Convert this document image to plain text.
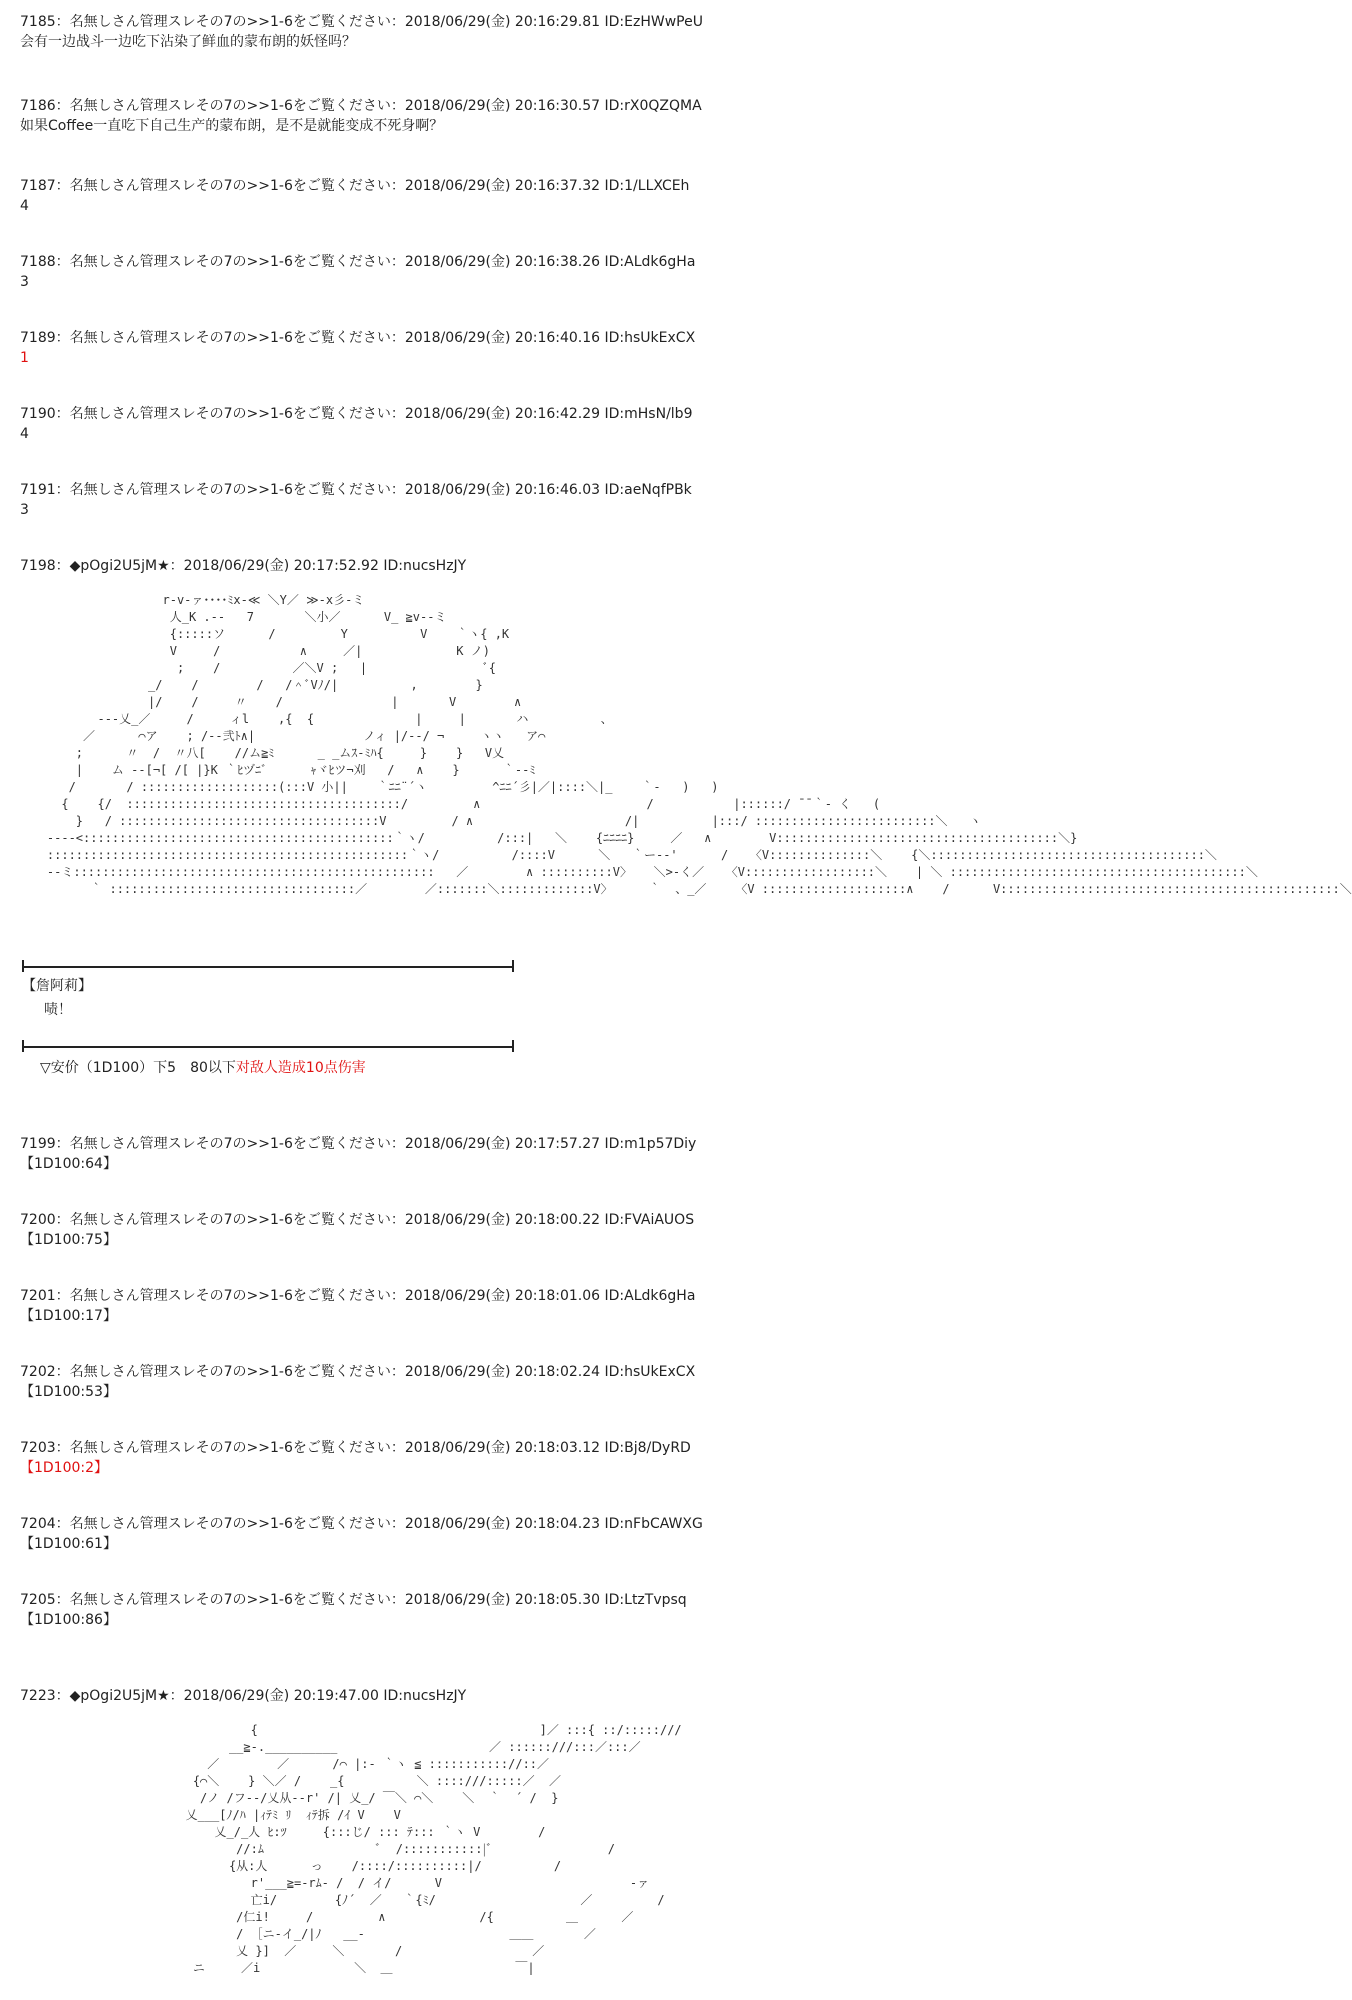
7185：名無しさん管理スレその7の>>1-6をご覧ください：2018/06/29(金) 20:16:29.81 ID:EzHWwPeU
会有一边战斗一边吃下沾染了鲜血的蒙布朗的妖怪吗？
7186：名無しさん管理スレその7の>>1-6をご覧ください：2018/06/29(金) 20:16:30.57 ID:rX0QZQMA
如果Coffee一直吃下自己生产的蒙布朗，是不是就能变成不死身啊？
7187：名無しさん管理スレその7の>>1-6をご覧ください：2018/06/29(金) 20:16:37.32 ID:1/LLXCEh
4
7188：名無しさん管理スレその7の>>1-6をご覧ください：2018/06/29(金) 20:16:38.26 ID:ALdk6gHa
3
7189：名無しさん管理スレその7の>>1-6をご覧ください：2018/06/29(金) 20:16:40.16 ID:hsUkExCX
1
7190：名無しさん管理スレその7の>>1-6をご覧ください：2018/06/29(金) 20:16:42.29 ID:mHsN/lb9
4
7191：名無しさん管理スレその7の>>1-6をご覧ください：2018/06/29(金) 20:16:46.03 ID:aeNqfPBk
3
7198：◆pOgi2U5jM★：2018/06/29(金) 20:17:52.92 ID:nucsHzJY
r‐v‐ァ････ﾐx-≪ ＼Y／ ≫-x彡-ミ
人_K .--   7       ＼小／      V_ ≧v--ミ
{:::::ソ      /         Y          V    ｀ヽ{ ,K
V     /           ∧     ／|             K ノ)
;    /          ／＼V ;   |                ﾞ{
_/    /        /   /＾ﾞVﾉ/|          ,        }
|/    /     〃    /               |       V        ∧
---乂_／     /     ィl    ,{  {              |     |       ハ          、
／      ⌒ア    ; /‐-弐ﾄ∧|               ノィ |/--/ ¬     ヽヽ   ア⌒
;      〃  /  〃八[    //ム≧ﾐ      _ _ムｽ‐ﾐﾊ{     }    }   V乂
|    ム --[¬[ /[ |}K ｀ﾋヅﾆﾞ      ｬヾﾋツ¬刈   /   ∧    }      ｀--ﾐ
/       / :::::::::::::::::::(:::V 小||    ｀ﾆﾆ¨´ヽ         ^ﾆﾆ´彡|／|::::＼|_    ｀-   )   )
{    {/  ::::::::::::::::::::::::::::::::::::::/         ∧                       /           |::::::/ ̄ ̄ ｀‐ く   (
}   / ::::::::::::::::::::::::::::::::::::V         / ∧                     /|          |:::/ :::::::::::::::::::::::::＼   ヽ
---‐<:::::::::::::::::::::::::::::::::::::::::::｀ヽ/          /:::|   ＼    {ﾆﾆﾆﾆ}     ／   ∧        V:::::::::::::::::::::::::::::::::::::::＼}
::::::::::::::::::::::::::::::::::::::::::::::::::｀ヽ/          /::::V      ＼   ｀ー--'      /   〈V::::::::::::::＼    {＼::::::::::::::::::::::::::::::::::::::＼
--ミ::::::::::::::::::::::::::::::::::::::::::::::::::   ／        ∧ ::::::::::V〉   ＼>-く／   〈V::::::::::::::::::＼    | ＼ :::::::::::::::::::::::::::::::::::::::::＼
｀ ::::::::::::::::::::::::::::::::::／        ／:::::::＼:::::::::::::V〉     ｀  、_／    〈V ::::::::::::::::::::∧    /      V:::::::::::::::::::::::::::::::::::::::::::::::＼
【詹阿莉】
啧！
▽安价（1D100）下5　80以下对敌人造成10点伤害
7199：名無しさん管理スレその7の>>1-6をご覧ください：2018/06/29(金) 20:17:57.27 ID:m1p57Diy
【1D100:64】
7200：名無しさん管理スレその7の>>1-6をご覧ください：2018/06/29(金) 20:18:00.22 ID:FVAiAUOS
【1D100:75】
7201：名無しさん管理スレその7の>>1-6をご覧ください：2018/06/29(金) 20:18:01.06 ID:ALdk6gHa
【1D100:17】
7202：名無しさん管理スレその7の>>1-6をご覧ください：2018/06/29(金) 20:18:02.24 ID:hsUkExCX
【1D100:53】
7203：名無しさん管理スレその7の>>1-6をご覧ください：2018/06/29(金) 20:18:03.12 ID:Bj8/DyRD
【1D100:2】
7204：名無しさん管理スレその7の>>1-6をご覧ください：2018/06/29(金) 20:18:04.23 ID:nFbCAWXG
【1D100:61】
7205：名無しさん管理スレその7の>>1-6をご覧ください：2018/06/29(金) 20:18:05.30 ID:LtzTvpsq
【1D100:86】
7223：◆pOgi2U5jM★：2018/06/29(金) 20:19:47.00 ID:nucsHzJY
{                                       ]／ :::{ ::/:::::///
__≧‐.__________                     ／ ::::::///:::／:::／
／        ／      /⌒ |:‐ ｀ヽ ≦ ::::::::::://::／
{⌒＼    } ＼／ /    _{          ＼ ::::///:::::／  ／
/ノ /フ‐-/乂从‐‐r' /| 乂_/ ￣＼ ⌒＼    ＼  ｀  ´ /  }
乂___[ﾉ/ﾊ |ｨﾃﾐ ﾘ  ｨﾃ拆 /ｲ V    V
乂_/_人 ﾋ:ﾂ     {:::じ/ ::: ﾃ::: ｀ヽ V        /
//:ﾑ                ﾞ  /:::::::::::|ﾞ                /
{从:人      っ    /::::/::::::::::|/          /
r'___≧=‐rﾑ‐ /  / イ/      V                          ‐ァ
亡i/        {ﾉ´  ／   ｀{ﾐ/                    ／         /
/仁i!     /         ∧             /{          ＿      ／
/ ［ニ‐イ_/|ﾉ   __‐                    ＿＿       ／
乂 }]  ／     ＼       /                  ／
ニ     ／i             ＼  ＿                 ￣|
